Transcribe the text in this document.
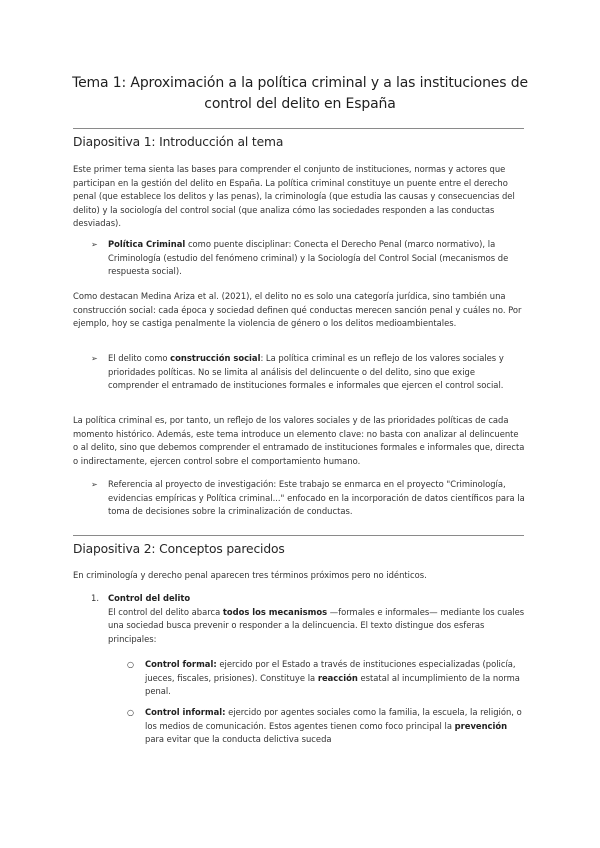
Tema 1: Aproximación a la política criminal y a las instituciones de control del delito en España
Diapositiva 1: Introducción al tema
Este primer tema sienta las bases para comprender el conjunto de instituciones, normas y actores que participan en la gestión del delito en España. La política criminal constituye un puente entre el derecho penal (que establece los delitos y las penas), la criminología (que estudia las causas y consecuencias del delito) y la sociología del control social (que analiza cómo las sociedades responden a las conductas desviadas).
➢ Política Criminal como puente disciplinar: Conecta el Derecho Penal (marco normativo), la Criminología (estudio del fenómeno criminal) y la Sociología del Control Social (mecanismos de respuesta social).
Como destacan Medina Ariza et al. (2021), el delito no es solo una categoría jurídica, sino también una construcción social: cada época y sociedad definen qué conductas merecen sanción penal y cuáles no. Por ejemplo, hoy se castiga penalmente la violencia de género o los delitos medioambientales.
➢ El delito como construcción social: La política criminal es un reflejo de los valores sociales y prioridades políticas. No se limita al análisis del delincuente o del delito, sino que exige comprender el entramado de instituciones formales e informales que ejercen el control social.
La política criminal es, por tanto, un reflejo de los valores sociales y de las prioridades políticas de cada momento histórico. Además, este tema introduce un elemento clave: no basta con analizar al delincuente o al delito, sino que debemos comprender el entramado de instituciones formales e informales que, directa o indirectamente, ejercen control sobre el comportamiento humano.
➢ Referencia al proyecto de investigación: Este trabajo se enmarca en el proyecto "Criminología, evidencias empíricas y Política criminal..." enfocado en la incorporación de datos científicos para la toma de decisiones sobre la criminalización de conductas.
Diapositiva 2: Conceptos parecidos
En criminología y derecho penal aparecen tres términos próximos pero no idénticos.
1. Control del delito
El control del delito abarca todos los mecanismos —formales e informales— mediante los cuales una sociedad busca prevenir o responder a la delincuencia. El texto distingue dos esferas principales:
○ Control formal: ejercido por el Estado a través de instituciones especializadas (policía, jueces, fiscales, prisiones). Constituye la reacción estatal al incumplimiento de la norma penal.
○ Control informal: ejercido por agentes sociales como la familia, la escuela, la religión, o los medios de comunicación. Estos agentes tienen como foco principal la prevención para evitar que la conducta delictiva suceda
